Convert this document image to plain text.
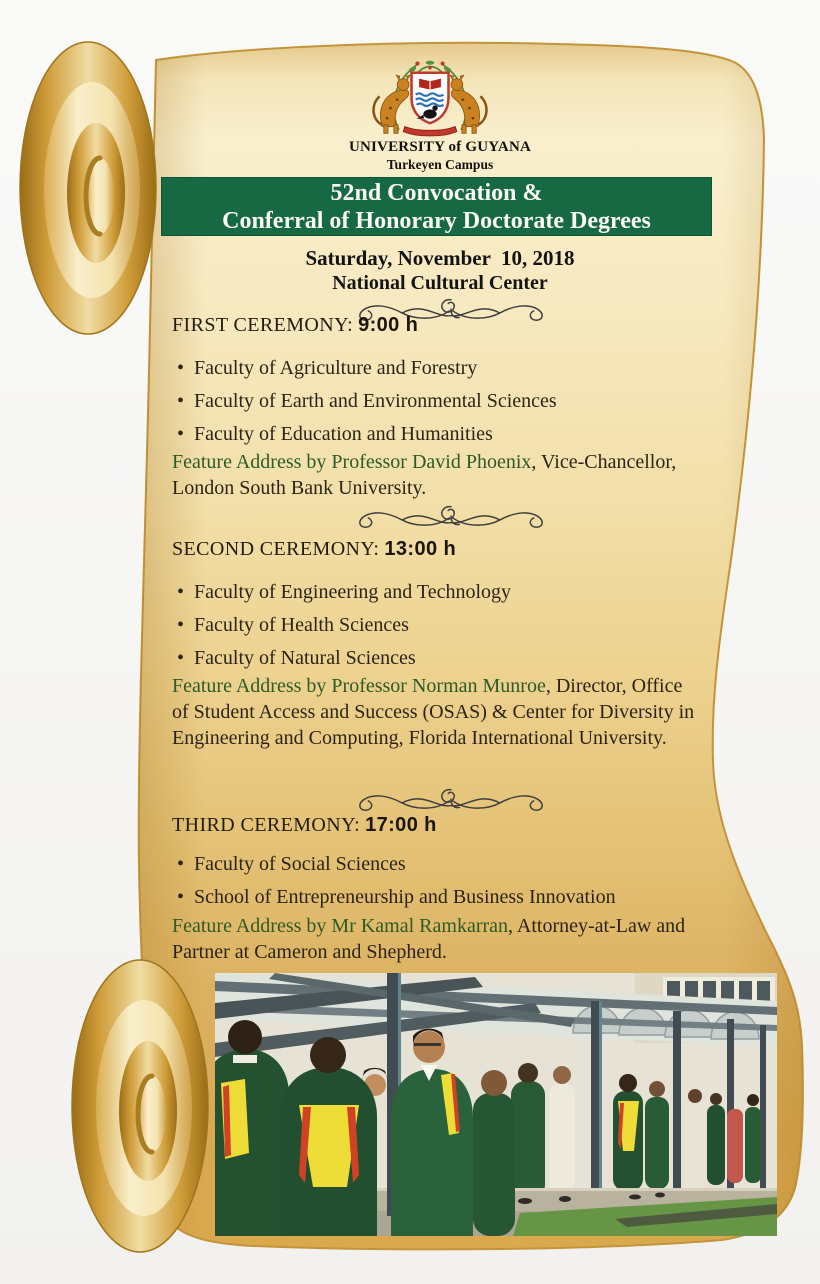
UNIVERSITY of GUYANA
Turkeyen Campus
52nd Convocation &
Conferral of Honorary Doctorate Degrees
Saturday, November  10, 2018
National Cultural Center
FIRST CEREMONY: 9:00 h
•  Faculty of Agriculture and Forestry
•  Faculty of Earth and Environmental Sciences
•  Faculty of Education and Humanities
Feature Address by Professor David Phoenix, Vice-Chancellor, London South Bank University.
SECOND CEREMONY: 13:00 h
•  Faculty of Engineering and Technology
•  Faculty of Health Sciences
•  Faculty of Natural Sciences
Feature Address by Professor Norman Munroe, Director, Office of Student Access and Success (OSAS) & Center for Diversity in Engineering and Computing, Florida International University.
THIRD CEREMONY: 17:00 h
•  Faculty of Social Sciences
•  School of Entrepreneurship and Business Innovation
Feature Address by Mr Kamal Ramkarran, Attorney-at-Law and Partner at Cameron and Shepherd.
